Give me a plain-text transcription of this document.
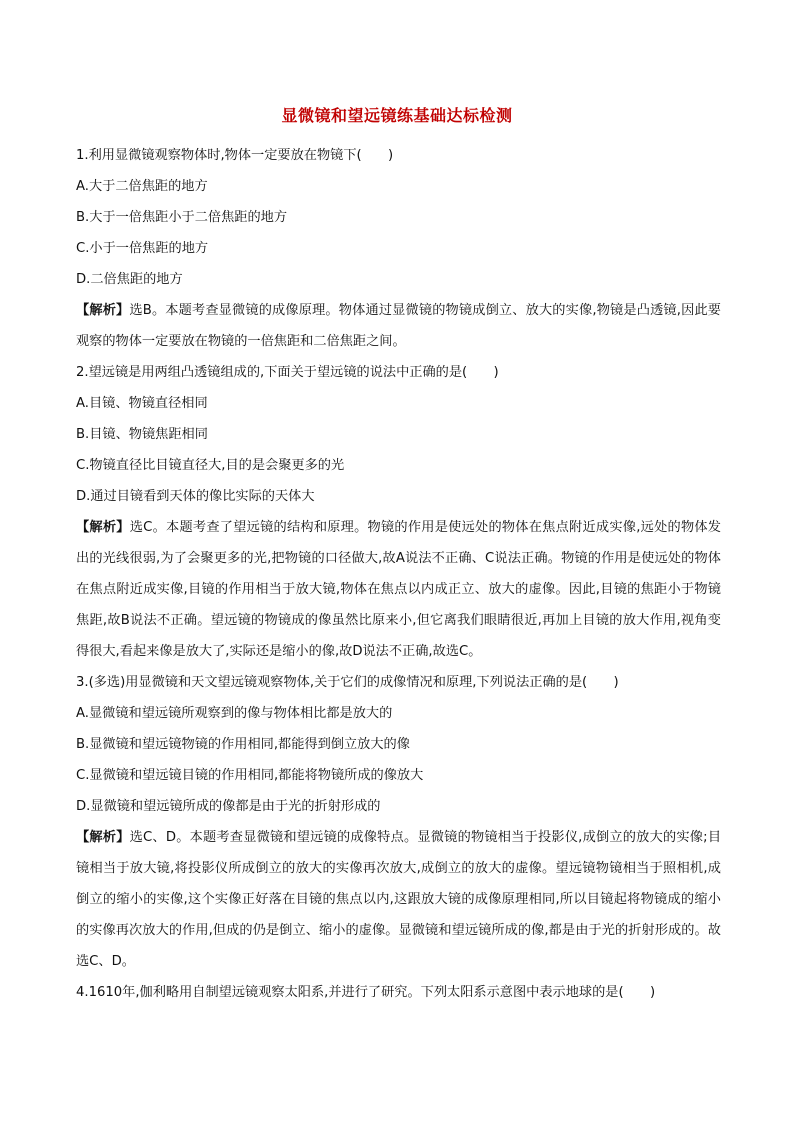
显微镜和望远镜练基础达标检测
1.利用显微镜观察物体时,物体一定要放在物镜下(　　)
A.大于二倍焦距的地方
B.大于一倍焦距小于二倍焦距的地方
C.小于一倍焦距的地方
D.二倍焦距的地方
【解析】选B。本题考查显微镜的成像原理。物体通过显微镜的物镜成倒立、放大的实像,物镜是凸透镜,因此要观察的物体一定要放在物镜的一倍焦距和二倍焦距之间。
2.望远镜是用两组凸透镜组成的,下面关于望远镜的说法中正确的是(　　)
A.目镜、物镜直径相同
B.目镜、物镜焦距相同
C.物镜直径比目镜直径大,目的是会聚更多的光
D.通过目镜看到天体的像比实际的天体大
【解析】选C。本题考查了望远镜的结构和原理。物镜的作用是使远处的物体在焦点附近成实像,远处的物体发出的光线很弱,为了会聚更多的光,把物镜的口径做大,故A说法不正确、C说法正确。物镜的作用是使远处的物体在焦点附近成实像,目镜的作用相当于放大镜,物体在焦点以内成正立、放大的虚像。因此,目镜的焦距小于物镜焦距,故B说法不正确。望远镜的物镜成的像虽然比原来小,但它离我们眼睛很近,再加上目镜的放大作用,视角变得很大,看起来像是放大了,实际还是缩小的像,故D说法不正确,故选C。
3.(多选)用显微镜和天文望远镜观察物体,关于它们的成像情况和原理,下列说法正确的是(　　)
A.显微镜和望远镜所观察到的像与物体相比都是放大的
B.显微镜和望远镜物镜的作用相同,都能得到倒立放大的像
C.显微镜和望远镜目镜的作用相同,都能将物镜所成的像放大
D.显微镜和望远镜所成的像都是由于光的折射形成的
【解析】选C、D。本题考查显微镜和望远镜的成像特点。显微镜的物镜相当于投影仪,成倒立的放大的实像;目镜相当于放大镜,将投影仪所成倒立的放大的实像再次放大,成倒立的放大的虚像。望远镜物镜相当于照相机,成倒立的缩小的实像,这个实像正好落在目镜的焦点以内,这跟放大镜的成像原理相同,所以目镜起将物镜成的缩小的实像再次放大的作用,但成的仍是倒立、缩小的虚像。显微镜和望远镜所成的像,都是由于光的折射形成的。故选C、D。
4.1610年,伽利略用自制望远镜观察太阳系,并进行了研究。下列太阳系示意图中表示地球的是(　　)
